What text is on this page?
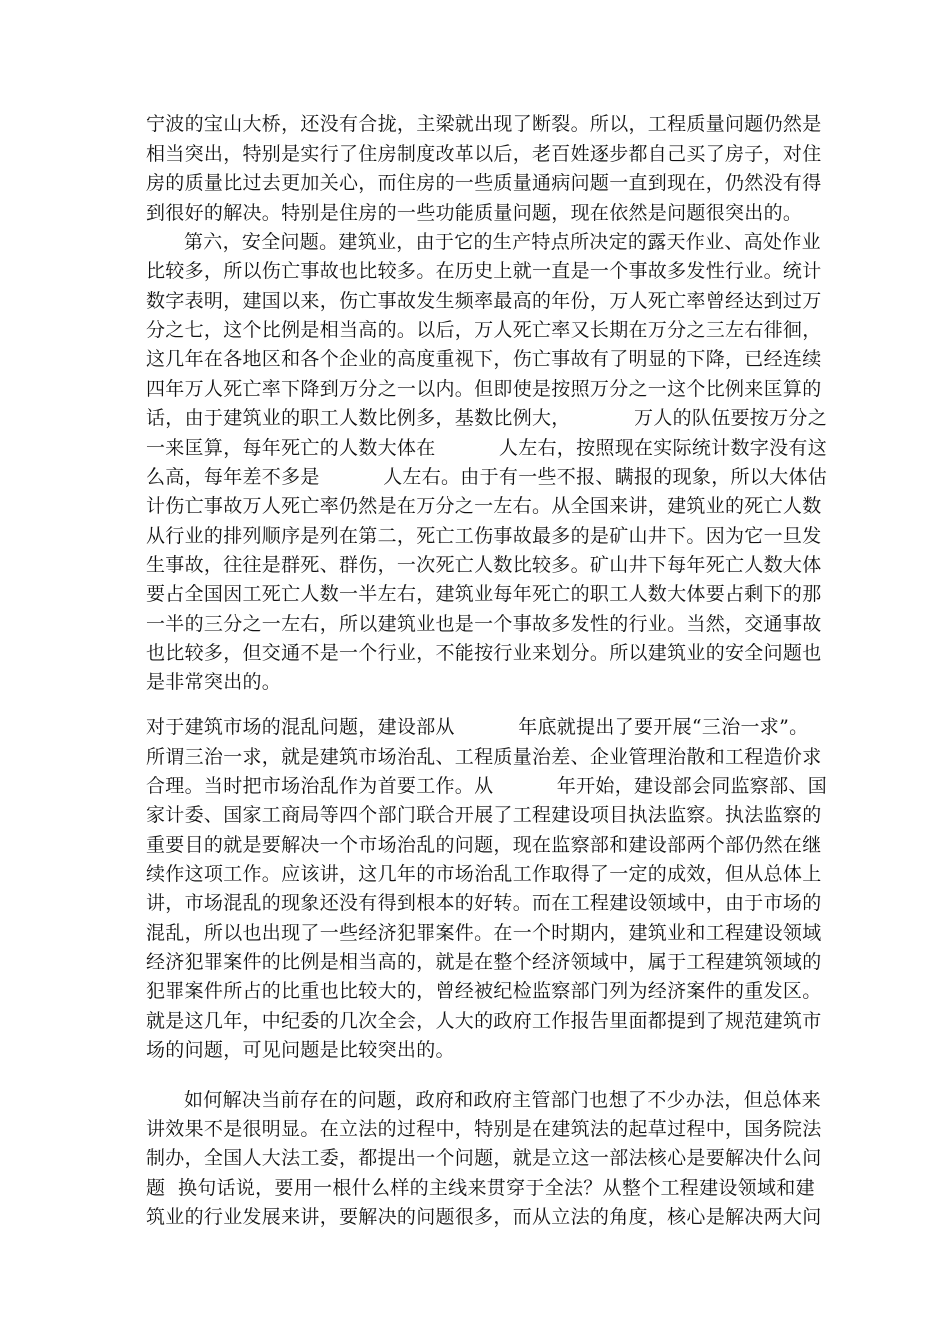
宁波的宝山大桥，还没有合拢，主梁就出现了断裂。所以，工程质量问题仍然是
相当突出，特别是实行了住房制度改革以后，老百姓逐步都自己买了房子，对住
房的质量比过去更加关心，而住房的一些质量通病问题一直到现在，仍然没有得
到很好的解决。特别是住房的一些功能质量问题，现在依然是问题很突出的。
第六，安全问题。建筑业，由于它的生产特点所决定的露天作业、高处作业
比较多，所以伤亡事故也比较多。在历史上就一直是一个事故多发性行业。统计
数字表明，建国以来，伤亡事故发生频率最高的年份，万人死亡率曾经达到过万
分之七，这个比例是相当高的。以后，万人死亡率又长期在万分之三左右徘徊，
这几年在各地区和各个企业的高度重视下，伤亡事故有了明显的下降，已经连续
四年万人死亡率下降到万分之一以内。但即使是按照万分之一这个比例来匡算的
话，由于建筑业的职工人数比例多，基数比例大，          万人的队伍要按万分之
一来匡算，每年死亡的人数大体在          人左右，按照现在实际统计数字没有这
么高，每年差不多是          人左右。由于有一些不报、瞒报的现象，所以大体估
计伤亡事故万人死亡率仍然是在万分之一左右。从全国来讲，建筑业的死亡人数
从行业的排列顺序是列在第二，死亡工伤事故最多的是矿山井下。因为它一旦发
生事故，往往是群死、群伤，一次死亡人数比较多。矿山井下每年死亡人数大体
要占全国因工死亡人数一半左右，建筑业每年死亡的职工人数大体要占剩下的那
一半的三分之一左右，所以建筑业也是一个事故多发性的行业。当然，交通事故
也比较多，但交通不是一个行业，不能按行业来划分。所以建筑业的安全问题也
是非常突出的。
对于建筑市场的混乱问题，建设部从          年底就提出了要开展“三治一求”。
所谓三治一求，就是建筑市场治乱、工程质量治差、企业管理治散和工程造价求
合理。当时把市场治乱作为首要工作。从          年开始，建设部会同监察部、国
家计委、国家工商局等四个部门联合开展了工程建设项目执法监察。执法监察的
重要目的就是要解决一个市场治乱的问题，现在监察部和建设部两个部仍然在继
续作这项工作。应该讲，这几年的市场治乱工作取得了一定的成效，但从总体上
讲，市场混乱的现象还没有得到根本的好转。而在工程建设领域中，由于市场的
混乱，所以也出现了一些经济犯罪案件。在一个时期内，建筑业和工程建设领域
经济犯罪案件的比例是相当高的，就是在整个经济领域中，属于工程建筑领域的
犯罪案件所占的比重也比较大的，曾经被纪检监察部门列为经济案件的重发区。
就是这几年，中纪委的几次全会，人大的政府工作报告里面都提到了规范建筑市
场的问题，可见问题是比较突出的。
如何解决当前存在的问题，政府和政府主管部门也想了不少办法，但总体来
讲效果不是很明显。在立法的过程中，特别是在建筑法的起草过程中，国务院法
制办，全国人大法工委，都提出一个问题，就是立这一部法核心是要解决什么问
题  换句话说，要用一根什么样的主线来贯穿于全法？从整个工程建设领域和建
筑业的行业发展来讲，要解决的问题很多，而从立法的角度，核心是解决两大问
